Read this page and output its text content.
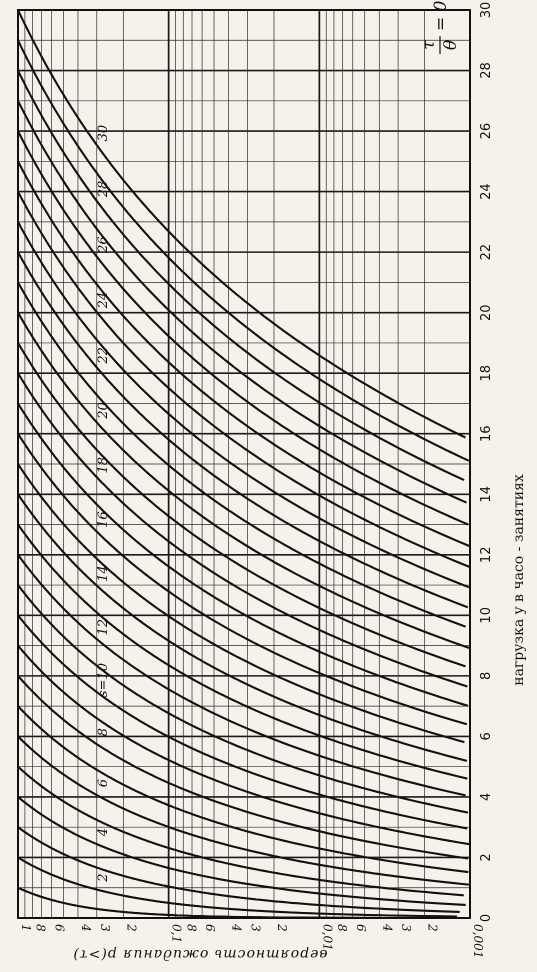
2
4
6
8
s=10
12
14
16
18
20
22
24
26
28
30
0
2
4
6
8
10
12
14
16
18
20
22
24
26
28
30
1 8 6 4 3 2	0,1 8 6 4 3 2	0,01 8 6 4 3 2	0,001
нагрузка y в часо - занятиях
вероятность ожидания p(>τ)
τ θ
= 0
